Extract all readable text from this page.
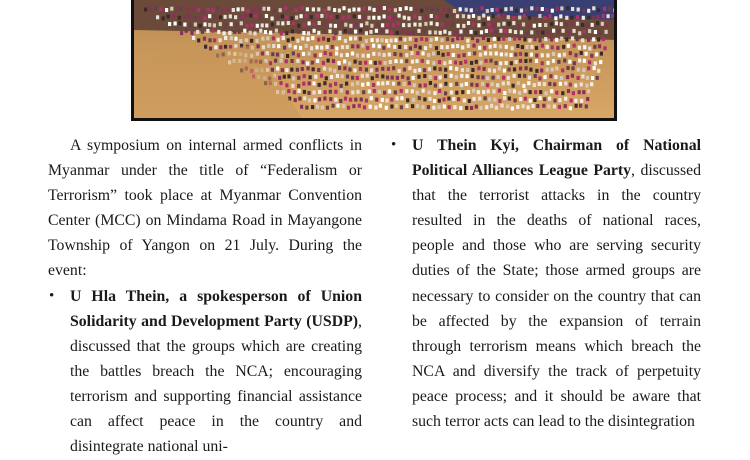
A symposium on internal armed conflicts in Myanmar under the title of “Federalism or Terrorism” took place at Myanmar Convention Center (MCC) on Mindama Road in Mayangone Township of Yangon on 21 July. During the event:

• U Hla Thein, a spokesperson of Union Solidarity and Development Party (USDP), discussed that the groups which are creating the battles breach the NCA; encouraging terrorism and supporting financial assistance can affect peace in the country and disintegrate national uni-
• U Thein Kyi, Chairman of National Political Alliances League Party, discussed that the terrorist attacks in the country resulted in the deaths of national races, people and those who are serving security duties of the State; those armed groups are necessary to consider on the country that can be affected by the expansion of terrain through terrorism means which breach the NCA and diversify the track of perpetuity peace process; and it should be aware that such terror acts can lead to the disintegration
